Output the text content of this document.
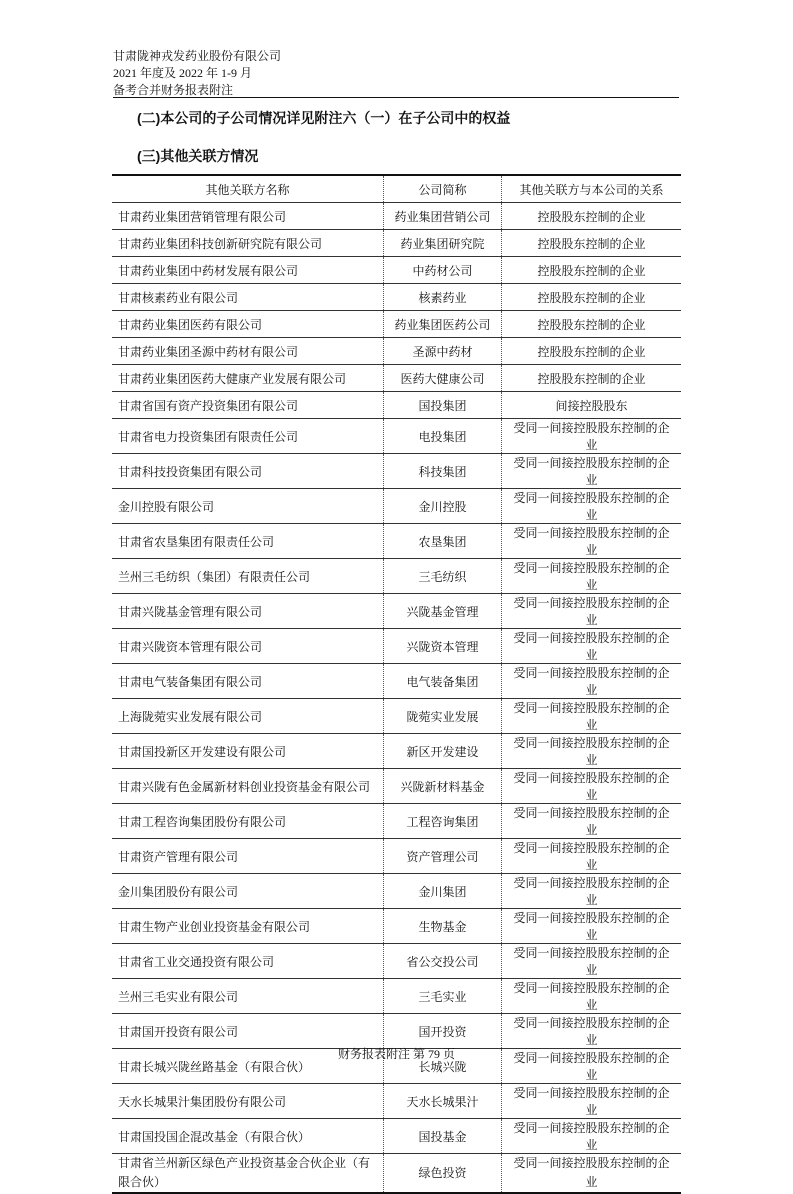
甘肃陇神戎发药业股份有限公司
2021 年度及 2022 年 1-9 月
备考合并财务报表附注
(二)本公司的子公司情况详见附注六（一）在子公司中的权益
(三)其他关联方情况
其他关联方名称	公司简称	其他关联方与本公司的关系
甘肃药业集团营销管理有限公司	药业集团营销公司	控股股东控制的企业
甘肃药业集团科技创新研究院有限公司	药业集团研究院	控股股东控制的企业
甘肃药业集团中药材发展有限公司	中药材公司	控股股东控制的企业
甘肃核素药业有限公司	核素药业	控股股东控制的企业
甘肃药业集团医药有限公司	药业集团医药公司	控股股东控制的企业
甘肃药业集团圣源中药材有限公司	圣源中药材	控股股东控制的企业
甘肃药业集团医药大健康产业发展有限公司	医药大健康公司	控股股东控制的企业
甘肃省国有资产投资集团有限公司	国投集团	间接控股股东
甘肃省电力投资集团有限责任公司	电投集团	受同一间接控股股东控制的企业
甘肃科技投资集团有限公司	科技集团	受同一间接控股股东控制的企业
金川控股有限公司	金川控股	受同一间接控股股东控制的企业
甘肃省农垦集团有限责任公司	农垦集团	受同一间接控股股东控制的企业
兰州三毛纺织（集团）有限责任公司	三毛纺织	受同一间接控股股东控制的企业
甘肃兴陇基金管理有限公司	兴陇基金管理	受同一间接控股股东控制的企业
甘肃兴陇资本管理有限公司	兴陇资本管理	受同一间接控股股东控制的企业
甘肃电气装备集团有限公司	电气装备集团	受同一间接控股股东控制的企业
上海陇菀实业发展有限公司	陇菀实业发展	受同一间接控股股东控制的企业
甘肃国投新区开发建设有限公司	新区开发建设	受同一间接控股股东控制的企业
甘肃兴陇有色金属新材料创业投资基金有限公司	兴陇新材料基金	受同一间接控股股东控制的企业
甘肃工程咨询集团股份有限公司	工程咨询集团	受同一间接控股股东控制的企业
甘肃资产管理有限公司	资产管理公司	受同一间接控股股东控制的企业
金川集团股份有限公司	金川集团	受同一间接控股股东控制的企业
甘肃生物产业创业投资基金有限公司	生物基金	受同一间接控股股东控制的企业
甘肃省工业交通投资有限公司	省公交投公司	受同一间接控股股东控制的企业
兰州三毛实业有限公司	三毛实业	受同一间接控股股东控制的企业
甘肃国开投资有限公司	国开投资	受同一间接控股股东控制的企业
甘肃长城兴陇丝路基金（有限合伙）	长城兴陇	受同一间接控股股东控制的企业
天水长城果汁集团股份有限公司	天水长城果汁	受同一间接控股股东控制的企业
甘肃国投国企混改基金（有限合伙）	国投基金	受同一间接控股股东控制的企业
甘肃省兰州新区绿色产业投资基金合伙企业（有限合伙）	绿色投资	受同一间接控股股东控制的企业
财务报表附注 第 79 页
